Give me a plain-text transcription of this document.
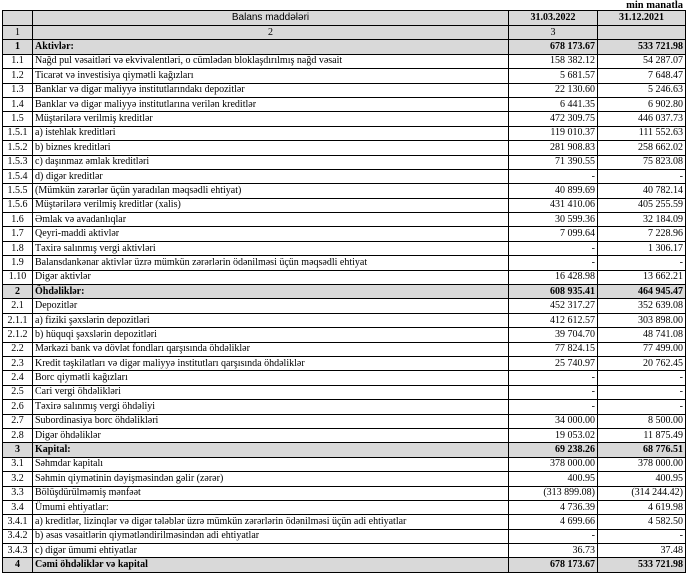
min manatla
	Balans maddələri	31.03.2022	31.12.2021
1	2	3	
1	Aktivlər:	678 173.67	533 721.98
1.1	Nağd pul vəsaitləri və ekvivalentləri, o cümlədən bloklaşdırılmış nağd vəsait	158 382.12	54 287.07
1.2	Ticarət və investisiya qiymətli kağızları	5 681.57	7 648.47
1.3	Banklar və digər maliyyə institutlarındakı depozitlər	22 130.60	5 246.63
1.4	Banklar və digər maliyyə institutlarına verilən kreditlər	6 441.35	6 902.80
1.5	Müştərilərə verilmiş kreditlər	472 309.75	446 037.73
1.5.1	a) istehlak kreditləri	119 010.37	111 552.63
1.5.2	b) biznes kreditləri	281 908.83	258 662.02
1.5.3	c) daşınmaz əmlak kreditləri	71 390.55	75 823.08
1.5.4	d) digər kreditlər	-	-
1.5.5	(Mümkün zərərlər üçün yaradılan məqsədli ehtiyat)	40 899.69	40 782.14
1.5.6	Müştərilərə verilmiş kreditlər (xalis)	431 410.06	405 255.59
1.6	Əmlak və avadanlıqlar	30 599.36	32 184.09
1.7	Qeyri-maddi aktivlər	7 099.64	7 228.96
1.8	Təxirə salınmış vergi aktivləri	-	1 306.17
1.9	Balansdankənar aktivlər üzrə mümkün zərərlərin ödənilməsi üçün məqsədli ehtiyat	-	-
1.10	Digər aktivlər	16 428.98	13 662.21
2	Öhdəliklər:	608 935.41	464 945.47
2.1	Depozitlər	452 317.27	352 639.08
2.1.1	a) fiziki şəxslərin depozitləri	412 612.57	303 898.00
2.1.2	b) hüquqi şəxslərin depozitləri	39 704.70	48 741.08
2.2	Mərkəzi bank və dövlət fondları qarşısında öhdəliklər	77 824.15	77 499.00
2.3	Kredit təşkilatları və digər maliyyə institutları qarşısında öhdəliklər	25 740.97	20 762.45
2.4	Borc qiymətli kağızları	-	-
2.5	Cari vergi öhdəlikləri	-	-
2.6	Təxirə salınmış vergi öhdəliyi	-	-
2.7	Subordinasiya borc öhdəlikləri	34 000.00	8 500.00
2.8	Digər öhdəliklər	19 053.02	11 875.49
3	Kapital:	69 238.26	68 776.51
3.1	Səhmdar kapitalı	378 000.00	378 000.00
3.2	Səhmin qiymətinin dəyişməsindən gəlir (zərər)	400.95	400.95
3.3	Bölüşdürülməmiş mənfəət	(313 899.08)	(314 244.42)
3.4	Ümumi ehtiyatlar:	4 736.39	4 619.98
3.4.1	a) kreditlər, lizinqlər və digər tələblər üzrə mümkün zərərlərin ödənilməsi üçün adi ehtiyatlar	4 699.66	4 582.50
3.4.2	b) əsas vəsaitlərin qiymətləndirilməsindən adi ehtiyatlar	-	-
3.4.3	c) digər ümumi ehtiyatlar	36.73	37.48
4	Cəmi öhdəliklər və kapital	678 173.67	533 721.98
